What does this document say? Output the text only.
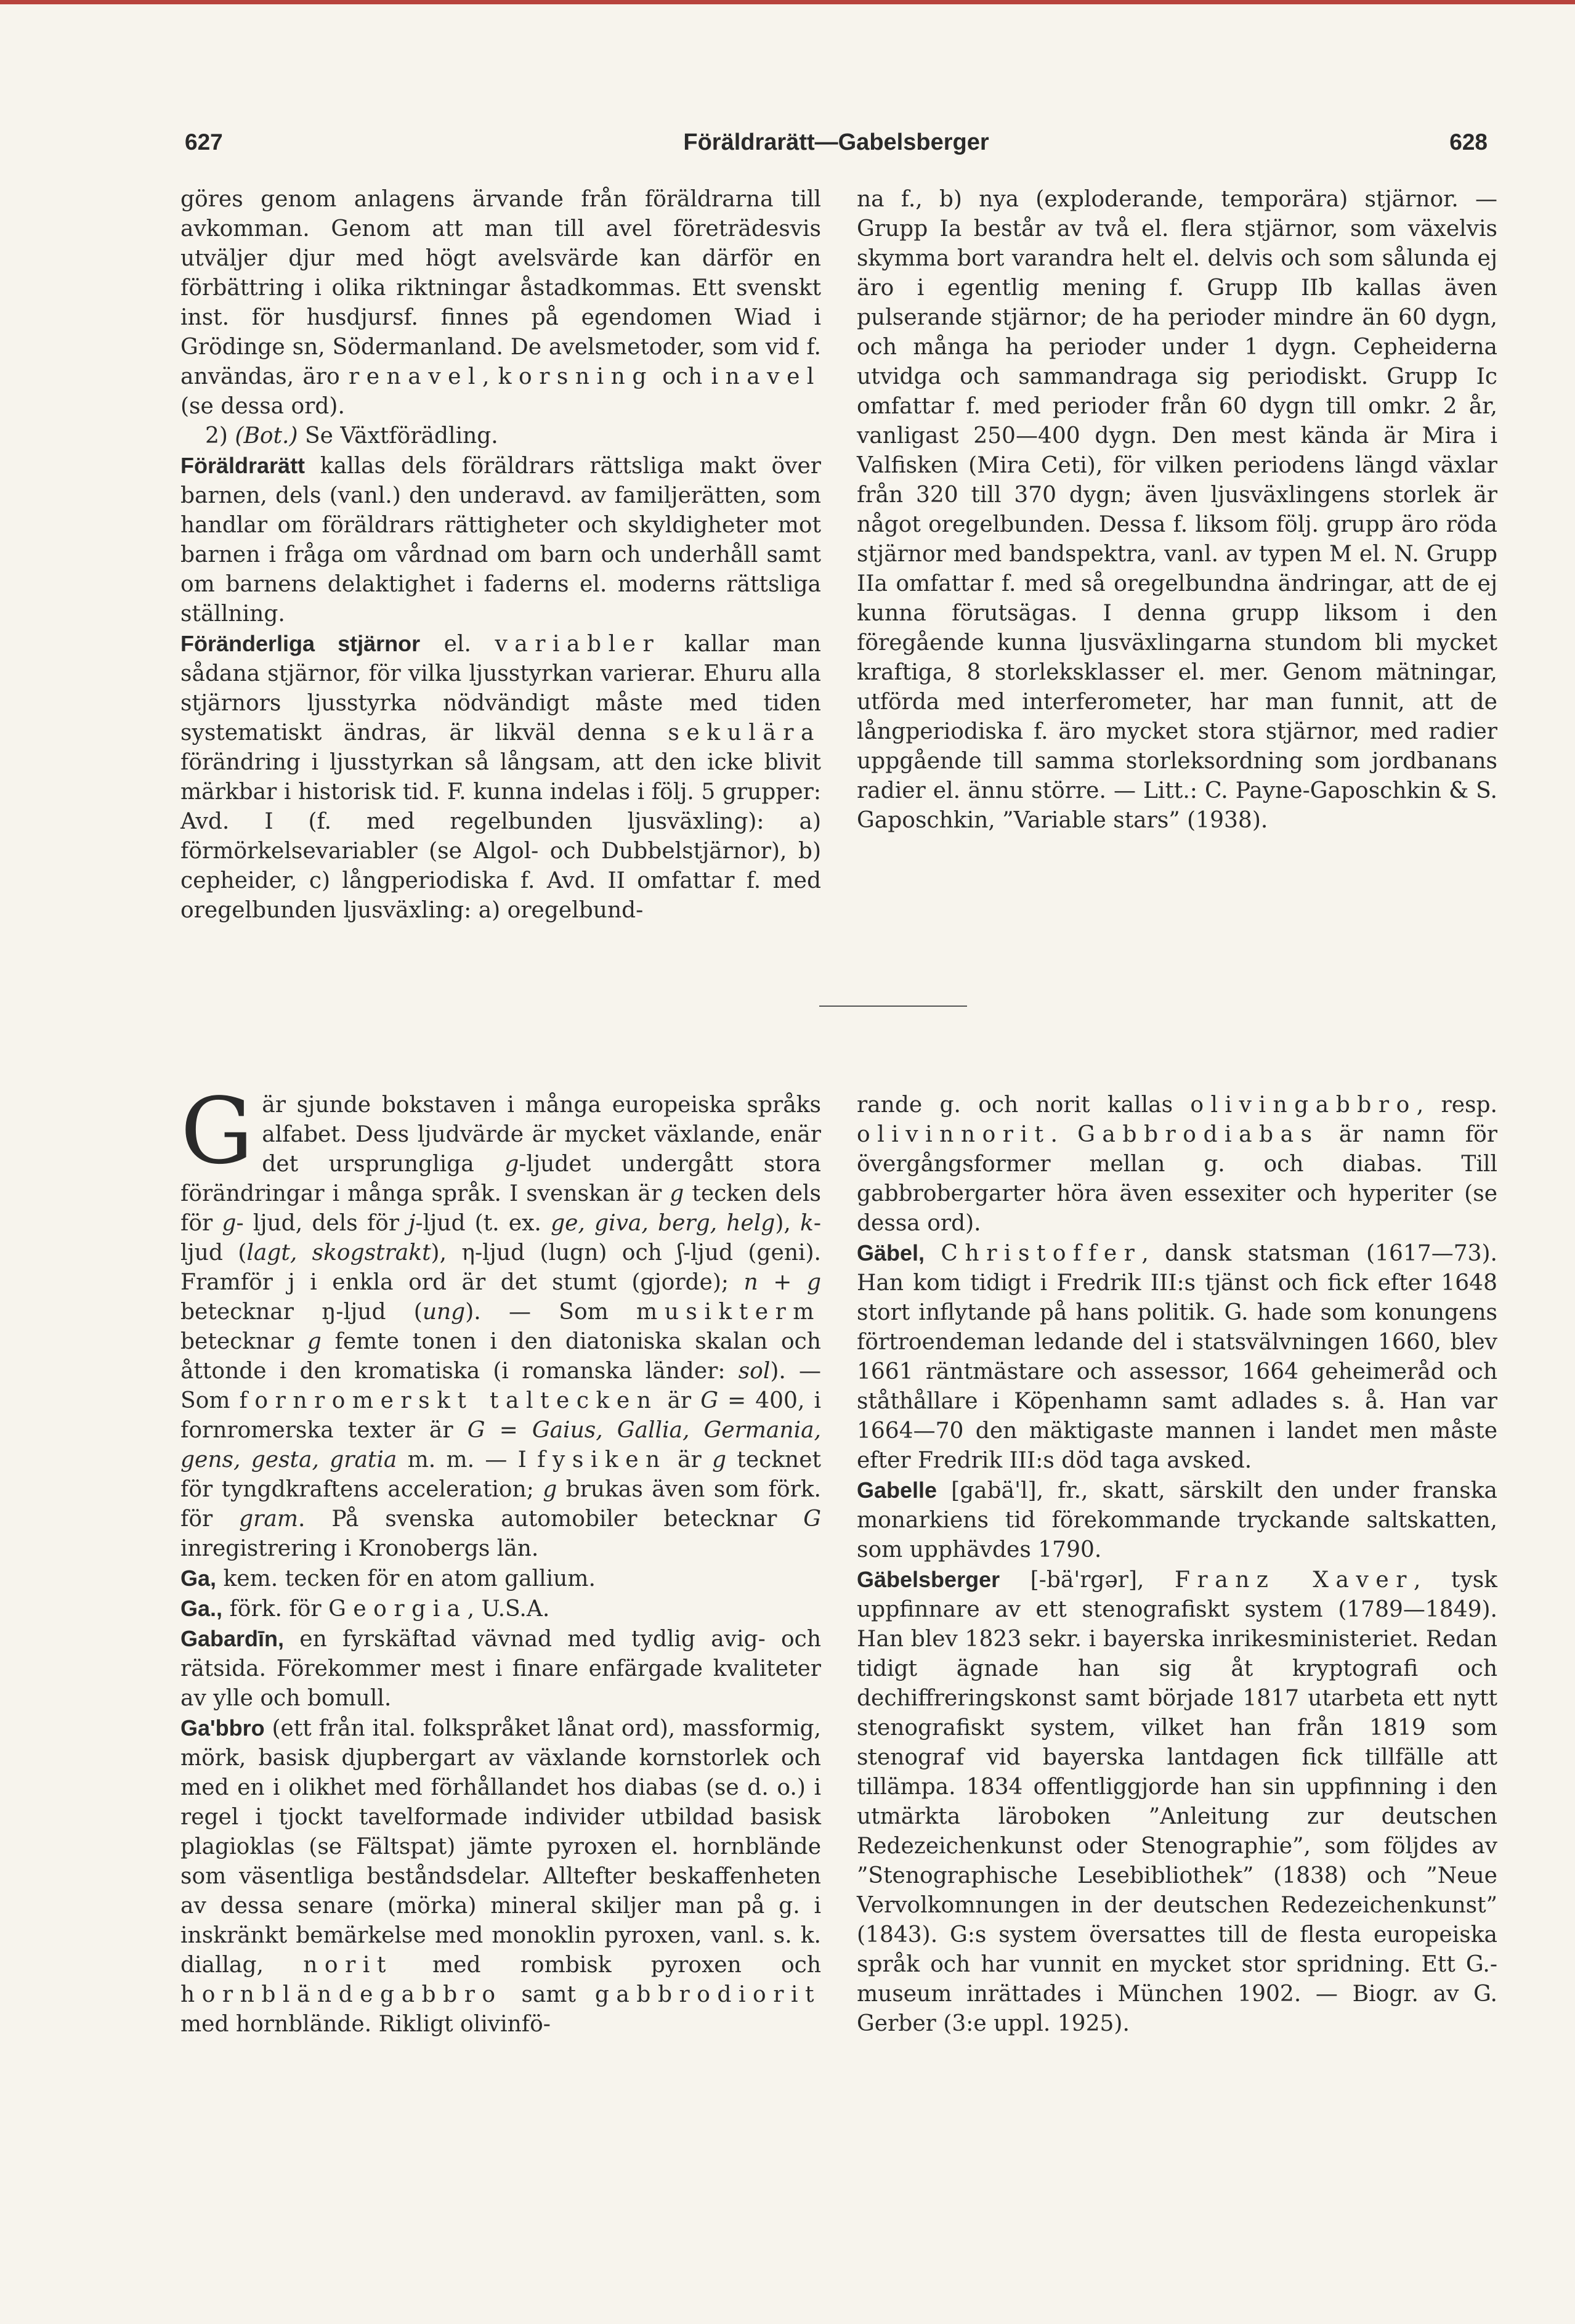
627	Föräldrarätt—Gabelsberger	628

göres genom anlagens ärvande från föräldrarna till avkomman. Genom att man till avel företrädesvis utväljer djur med högt avelsvärde kan därför en förbättring i olika riktningar åstadkommas. Ett svenskt inst. för husdjursf. finnes på egendomen Wiad i Grödinge sn, Södermanland. De avelsmetoder, som vid f. användas, äro renavel, korsning och inavel (se dessa ord).

2) (Bot.) Se Växtförädling.

Föräldrarätt kallas dels föräldrars rättsliga makt över barnen, dels (vanl.) den underavd. av familjerätten, som handlar om föräldrars rättigheter och skyldigheter mot barnen i fråga om vårdnad om barn och underhåll samt om barnens delaktighet i faderns el. moderns rättsliga ställning.

Föränderliga stjärnor el. variabler kallar man sådana stjärnor, för vilka ljusstyrkan varierar. Ehuru alla stjärnors ljusstyrka nödvändigt måste med tiden systematiskt ändras, är likväl denna sekulära förändring i ljusstyrkan så långsam, att den icke blivit märkbar i historisk tid. F. kunna indelas i följ. 5 grupper: Avd. I (f. med regelbunden ljusväxling): a) förmörkelsevariabler (se Algol- och Dubbelstjärnor), b) cepheider, c) långperiodiska f. Avd. II omfattar f. med oregelbunden ljusväxling: a) oregelbund-

na f., b) nya (exploderande, temporära) stjärnor. — Grupp Ia består av två el. flera stjärnor, som växelvis skymma bort varandra helt el. delvis och som sålunda ej äro i egentlig mening f. Grupp IIb kallas även pulserande stjärnor; de ha perioder mindre än 60 dygn, och många ha perioder under 1 dygn. Cepheiderna utvidga och sammandraga sig periodiskt. Grupp Ic omfattar f. med perioder från 60 dygn till omkr. 2 år, vanligast 250—400 dygn. Den mest kända är Mira i Valfisken (Mira Ceti), för vilken periodens längd växlar från 320 till 370 dygn; även ljusväxlingens storlek är något oregelbunden. Dessa f. liksom följ. grupp äro röda stjärnor med bandspektra, vanl. av typen M el. N. Grupp IIa omfattar f. med så oregelbundna ändringar, att de ej kunna förutsägas. I denna grupp liksom i den föregående kunna ljusväxlingarna stundom bli mycket kraftiga, 8 storleksklasser el. mer. Genom mätningar, utförda med interferometer, har man funnit, att de långperiodiska f. äro mycket stora stjärnor, med radier uppgående till samma storleksordning som jordbanans radier el. ännu större. — Litt.: C. Payne-Gaposchkin & S. Gaposchkin, ”Variable stars” (1938).

G är sjunde bokstaven i många europeiska språks alfabet. Dess ljudvärde är mycket växlande, enär det ursprungliga g-ljudet undergått stora förändringar i många språk. I svenskan är g tecken dels för g- ljud, dels för j-ljud (t. ex. ge, giva, berg, helg), k-ljud (lagt, skogstrakt), η-ljud (lugn) och ʃ-ljud (geni). Framför j i enkla ord är det stumt (gjorde); n + g betecknar ŋ-ljud (ung). — Som musikterm betecknar g femte tonen i den diatoniska skalan och åttonde i den kromatiska (i romanska länder: sol). — Som fornromerskt taltecken är G = 400, i fornromerska texter är G = Gaius, Gallia, Germania, gens, gesta, gratia m. m. — I fysiken är g tecknet för tyngdkraftens acceleration; g brukas även som förk. för gram. På svenska automobiler betecknar G inregistrering i Kronobergs län.

Ga, kem. tecken för en atom gallium.

Ga., förk. för Georgia, U.S.A.

Gabardīn, en fyrskäftad vävnad med tydlig avig- och rätsida. Förekommer mest i finare enfärgade kvaliteter av ylle och bomull.

Ga'bbro (ett från ital. folkspråket lånat ord), massformig, mörk, basisk djupbergart av växlande kornstorlek och med en i olikhet med förhållandet hos diabas (se d. o.) i regel i tjockt tavelformade individer utbildad basisk plagioklas (se Fältspat) jämte pyroxen el. hornblände som väsentliga beståndsdelar. Alltefter beskaffenheten av dessa senare (mörka) mineral skiljer man på g. i inskränkt bemärkelse med monoklin pyroxen, vanl. s. k. diallag, norit med rombisk pyroxen och hornbländegabbro samt gabbrodiorit med hornblände. Rikligt olivinfö-

rande g. och norit kallas olivingabbro, resp. olivinnorit. Gabbrodiabas är namn för övergångsformer mellan g. och diabas. Till gabbrobergarter höra även essexiter och hyperiter (se dessa ord).

Gäbel, Christoffer, dansk statsman (1617—73). Han kom tidigt i Fredrik III:s tjänst och fick efter 1648 stort inflytande på hans politik. G. hade som konungens förtroendeman ledande del i statsvälvningen 1660, blev 1661 räntmästare och assessor, 1664 geheimeråd och ståthållare i Köpenhamn samt adlades s. å. Han var 1664—70 den mäktigaste mannen i landet men måste efter Fredrik III:s död taga avsked.

Gabelle [gabä'l], fr., skatt, särskilt den under franska monarkiens tid förekommande tryckande saltskatten, som upphävdes 1790.

Gäbelsberger [-bä'rgər], Franz Xaver, tysk uppfinnare av ett stenografiskt system (1789—1849). Han blev 1823 sekr. i bayerska inrikesministeriet. Redan tidigt ägnade han sig åt kryptografi och dechiffreringskonst samt började 1817 utarbeta ett nytt stenografiskt system, vilket han från 1819 som stenograf vid bayerska lantdagen fick tillfälle att tillämpa. 1834 offentliggjorde han sin uppfinning i den utmärkta läroboken ”Anleitung zur deutschen Redezeichenkunst oder Stenographie”, som följdes av ”Stenographische Lesebibliothek” (1838) och ”Neue Vervolkomnungen in der deutschen Redezeichenkunst” (1843). G:s system översattes till de flesta europeiska språk och har vunnit en mycket stor spridning. Ett G.-museum inrättades i München 1902. — Biogr. av G. Gerber (3:e uppl. 1925).
